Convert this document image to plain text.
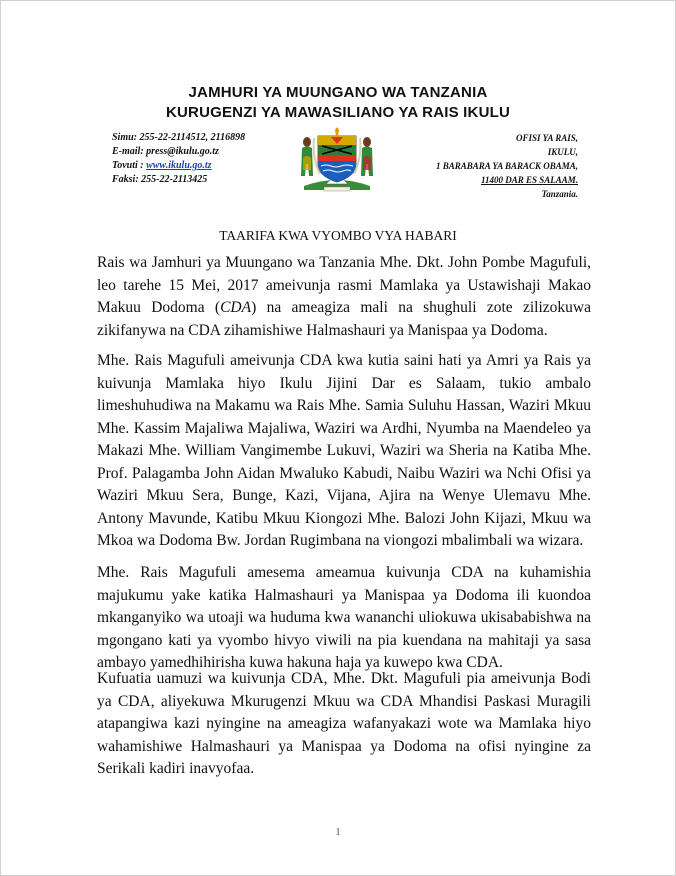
JAMHURI YA MUUNGANO WA TANZANIA
KURUGENZI YA MAWASILIANO YA RAIS IKULU
Simu: 255-22-2114512, 2116898
E-mail: press@ikulu.go.tz
Tovuti : www.ikulu.go.tz
Faksi: 255-22-2113425
OFISI YA RAIS,
IKULU,
1 BARABARA YA BARACK OBAMA,
11400 DAR ES SALAAM.
Tanzania.
TAARIFA KWA VYOMBO VYA HABARI
Rais wa Jamhuri ya Muungano wa Tanzania Mhe. Dkt. John Pombe Magufuli, leo tarehe 15 Mei, 2017 ameivunja rasmi Mamlaka ya Ustawishaji Makao Makuu Dodoma (CDA) na ameagiza mali na shughuli zote zilizokuwa zikifanywa na CDA zihamishiwe Halmashauri ya Manispaa ya Dodoma.
Mhe. Rais Magufuli ameivunja CDA kwa kutia saini hati ya Amri ya Rais ya kuivunja Mamlaka hiyo Ikulu Jijini Dar es Salaam, tukio ambalo limeshuhudiwa na Makamu wa Rais Mhe. Samia Suluhu Hassan, Waziri Mkuu Mhe. Kassim Majaliwa Majaliwa, Waziri wa Ardhi, Nyumba na Maendeleo ya Makazi Mhe. William Vangimembe Lukuvi, Waziri wa Sheria na Katiba Mhe. Prof. Palagamba John Aidan Mwaluko Kabudi, Naibu Waziri wa Nchi Ofisi ya Waziri Mkuu Sera, Bunge, Kazi, Vijana, Ajira na Wenye Ulemavu Mhe. Antony Mavunde, Katibu Mkuu Kiongozi Mhe. Balozi John Kijazi, Mkuu wa Mkoa wa Dodoma Bw. Jordan Rugimbana na viongozi mbalimbali wa wizara.
Mhe. Rais Magufuli amesema ameamua kuivunja CDA na kuhamishia majukumu yake katika Halmashauri ya Manispaa ya Dodoma ili kuondoa mkanganyiko wa utoaji wa huduma kwa wananchi uliokuwa ukisababishwa na mgongano kati ya vyombo hivyo viwili na pia kuendana na mahitaji ya sasa ambayo yamedhihirisha kuwa hakuna haja ya kuwepo kwa CDA.
Kufuatia uamuzi wa kuivunja CDA, Mhe. Dkt. Magufuli pia ameivunja Bodi ya CDA, aliyekuwa Mkurugenzi Mkuu wa CDA Mhandisi Paskasi Muragili atapangiwa kazi nyingine na ameagiza wafanyakazi wote wa Mamlaka hiyo wahamishiwe Halmashauri ya Manispaa ya Dodoma na ofisi nyingine za Serikali kadiri inavyofaa.
1
